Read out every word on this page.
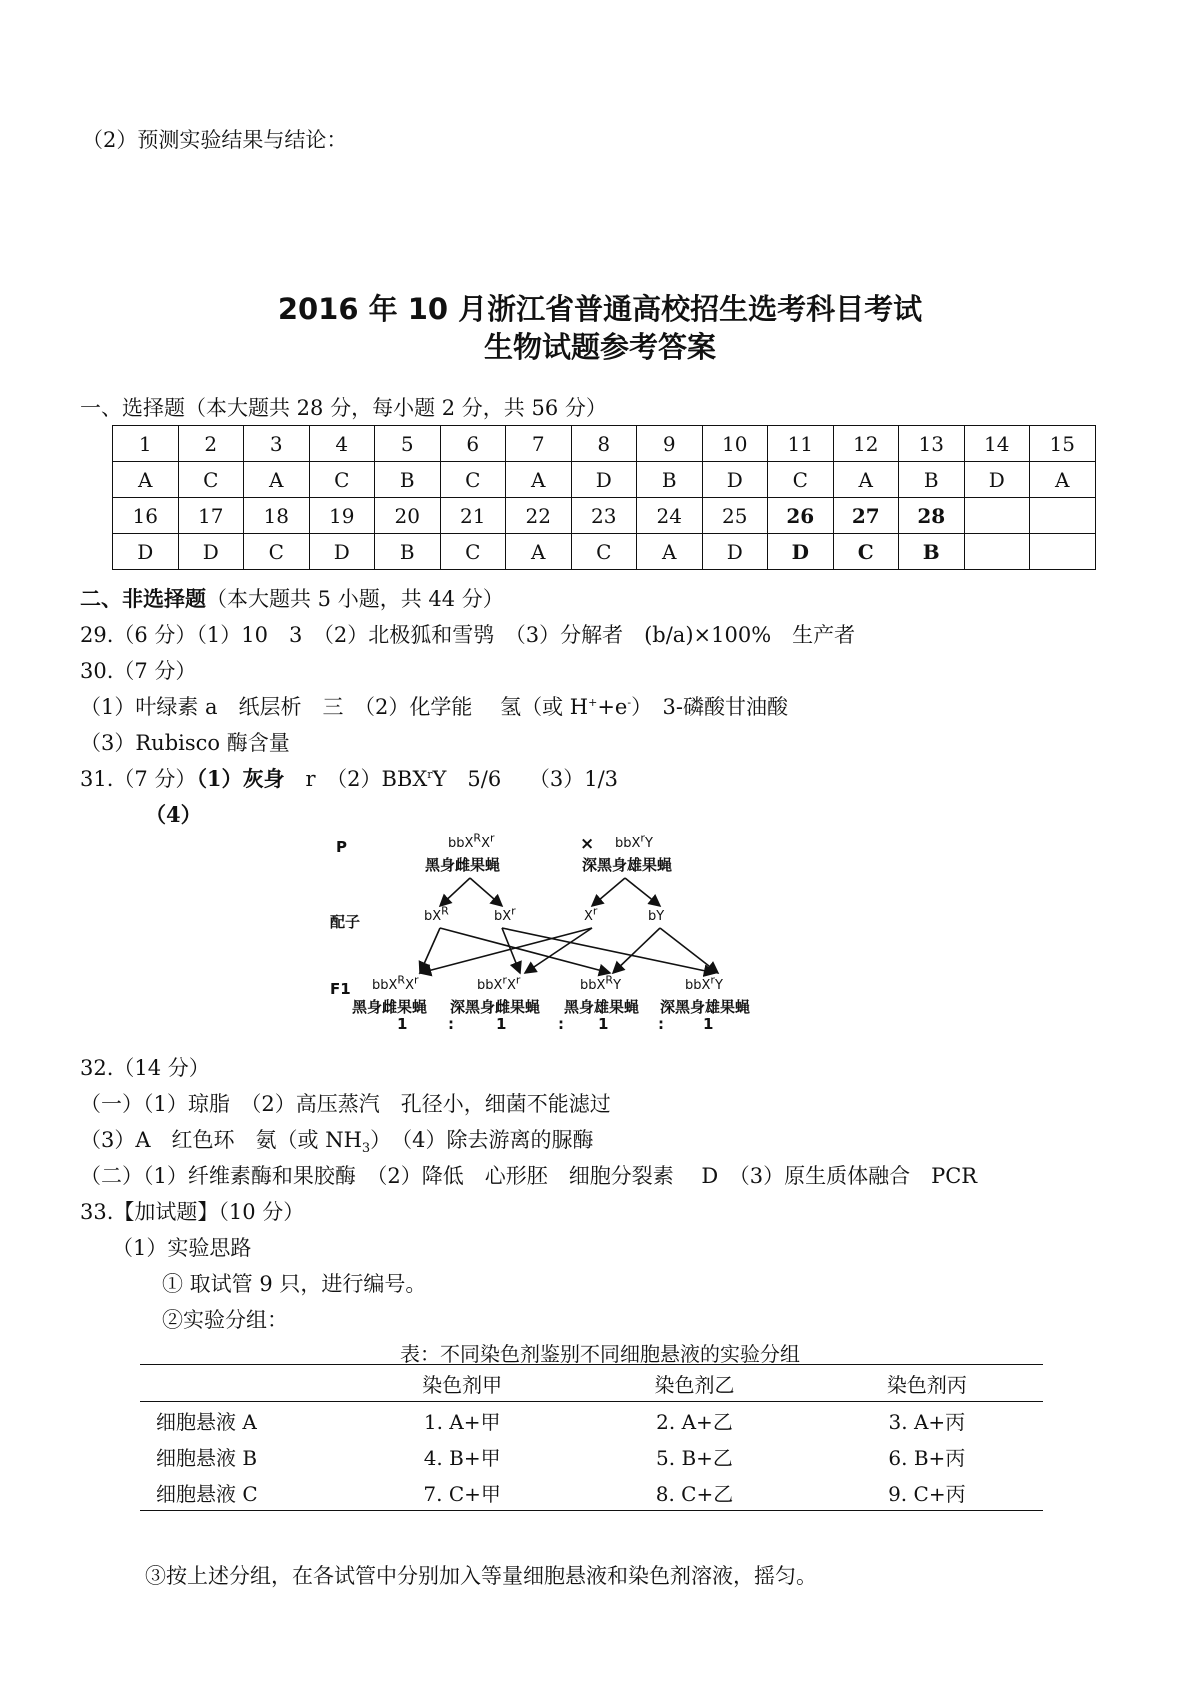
（2）预测实验结果与结论：
2016 年 10 月浙江省普通高校招生选考科目考试
生物试题参考答案
一、选择题（本大题共 28 分，每小题 2 分，共 56 分）
1	2	3	4	5	6	7	8	9	10	11	12	13	14	15
A	C	A	C	B	C	A	D	B	D	C	A	B	D	A
16	17	18	19	20	21	22	23	24	25	26	27	28		
D	D	C	D	B	C	A	C	A	D	D	C	B		
二、非选择题（本大题共 5 小题，共 44 分）
29.（6 分）（1）10　3　（2）北极狐和雪鸮　（3）分解者　(b/a)×100%　生产者
30.（7 分）
（1）叶绿素 a　纸层析　三　（2）化学能　 氢（或 H++e-）　3-磷酸甘油酸
（3）Rubisco 酶含量
31.（7 分）（1）灰身　r　（2）BBX$^r$Y　5/6　 （3）1/3
（4）
P
配子
F1
×
$bbX^RX^r$
黑身雌果蝇
bbX$^r$Y
深黑身雄果蝇
$bX^R$	$bX^r$	$X^r$	bY
$bbX^RX^r$
黑身雌果蝇
$bbX^rX^r$
深黑身雌果蝇
bbX$^R$Y
黑身雄果蝇
bbX$^r$Y
深黑身雄果蝇
1	:	1	: 1	:	1
32.（14 分）
（一）（1）琼脂　（2）高压蒸汽　孔径小，细菌不能滤过
（3）A　红色环　氨（或 $NH_3$）　（4）除去游离的脲酶
（二）（1）纤维素酶和果胶酶　（2）降低　心形胚　细胞分裂素　 D　（3）原生质体融合　PCR
33.【加试题】（10 分）
（1）实验思路
① 取试管 9 只，进行编号。
②实验分组：
表：不同染色剂鉴别不同细胞悬液的实验分组
	染色剂甲	染色剂乙	染色剂丙
细胞悬液 A	1. A+甲	2. A+乙	3. A+丙
细胞悬液 B	4. B+甲	5. B+乙	6. B+丙
细胞悬液 C	7. C+甲	8. C+乙	9. C+丙
③按上述分组，在各试管中分别加入等量细胞悬液和染色剂溶液，摇匀。
